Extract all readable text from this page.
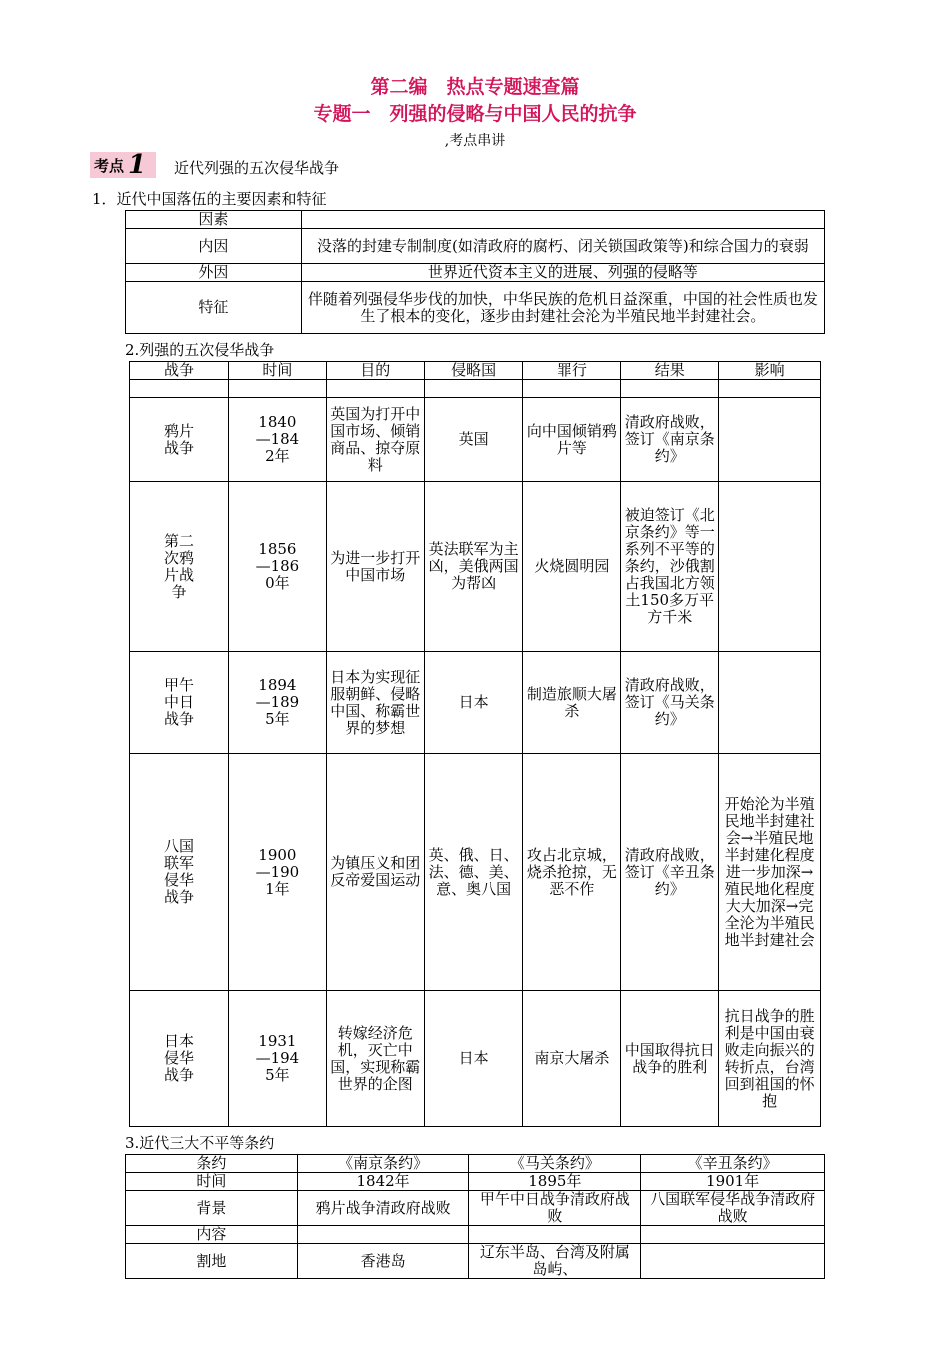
第二编　热点专题速查篇
专题一　列强的侵略与中国人民的抗争
,考点串讲
考点 1 近代列强的五次侵华战争
1．近代中国落伍的主要因素和特征
因素	
内因	没落的封建专制制度(如清政府的腐朽、闭关锁国政策等)和综合国力的衰弱
外因	世界近代资本主义的进展、列强的侵略等
特征	伴随着列强侵华步伐的加快，中华民族的危机日益深重，中国的社会性质也发生了根本的变化，逐步由封建社会沦为半殖民地半封建社会。
2.列强的五次侵华战争
战争	时间	目的	侵略国	罪行	结果	影响

鸦片战争	1840—1842年	英国为打开中国市场、倾销商品、掠夺原料	英国	向中国倾销鸦片等	清政府战败，签订《南京条约》	
第二次鸦片战争	1856—1860年	为进一步打开中国市场	英法联军为主凶，美俄两国为帮凶	火烧圆明园	被迫签订《北京条约》等一系列不平等的条约，沙俄割占我国北方领土150多万平方千米	
甲午中日战争	1894—1895年	日本为实现征服朝鲜、侵略中国、称霸世界的梦想	日本	制造旅顺大屠杀	清政府战败，签订《马关条约》	
八国联军侵华战争	1900—1901年	为镇压义和团反帝爱国运动	英、俄、日、法、德、美、意、奥八国	攻占北京城，烧杀抢掠，无恶不作	清政府战败，签订《辛丑条约》	开始沦为半殖民地半封建社会→半殖民地半封建化程度进一步加深→殖民地化程度大大加深→完全沦为半殖民地半封建社会
日本侵华战争	1931—1945年	转嫁经济危机，灭亡中国，实现称霸世界的企图	日本	南京大屠杀	中国取得抗日战争的胜利	抗日战争的胜利是中国由衰败走向振兴的转折点，台湾回到祖国的怀抱
3.近代三大不平等条约
条约	《南京条约》	《马关条约》	《辛丑条约》
时间	1842年	1895年	1901年
背景	鸦片战争清政府战败	甲午中日战争清政府战败	八国联军侵华战争清政府战败
内容			
割地	香港岛	辽东半岛、台湾及附属岛屿、	
